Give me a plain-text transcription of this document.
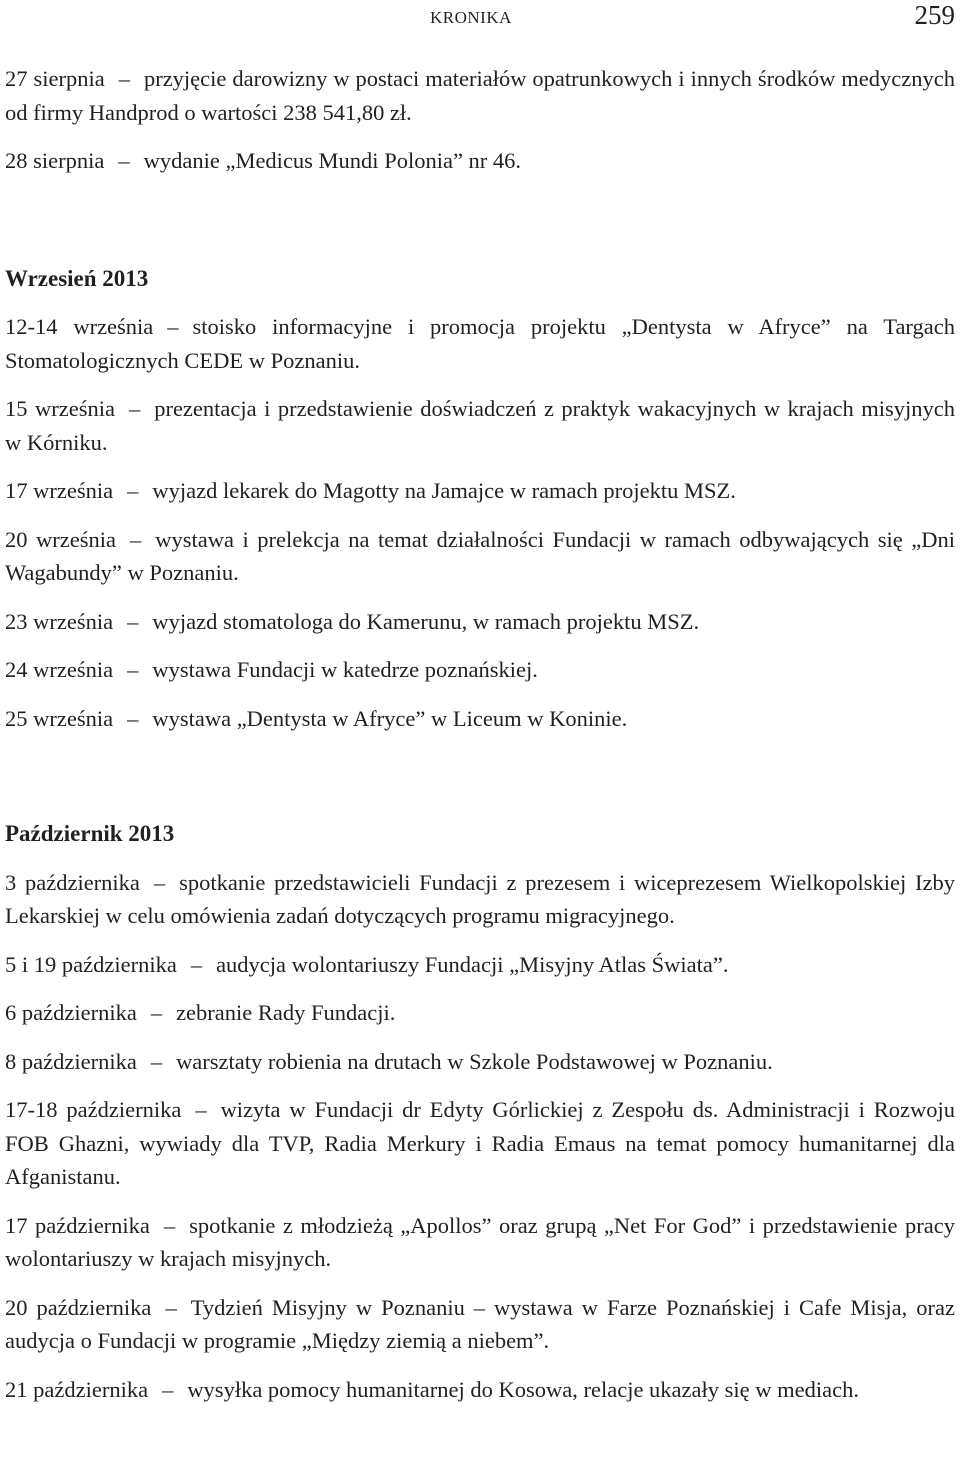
KRONIKA	259

27 sierpnia – przyjęcie darowizny w postaci materiałów opatrunkowych i innych środków medycznych od firmy Handprod o wartości 238 541,80 zł.

28 sierpnia – wydanie „Medicus Mundi Polonia” nr 46.

Wrzesień 2013

12-14 września – stoisko informacyjne i promocja projektu „Dentysta w Afryce” na Targach Stomatologicznych CEDE w Poznaniu.

15 września – prezentacja i przedstawienie doświadczeń z praktyk wakacyjnych w krajach misyjnych w Kórniku.

17 września – wyjazd lekarek do Magotty na Jamajce w ramach projektu MSZ.

20 września – wystawa i prelekcja na temat działalności Fundacji w ramach odbywających się „Dni Wagabundy” w Poznaniu.

23 września – wyjazd stomatologa do Kamerunu, w ramach projektu MSZ.

24 września – wystawa Fundacji w katedrze poznańskiej.

25 września – wystawa „Dentysta w Afryce” w Liceum w Koninie.

Październik 2013

3 października – spotkanie przedstawicieli Fundacji z prezesem i wiceprezesem Wielkopolskiej Izby Lekarskiej w celu omówienia zadań dotyczących programu migracyjnego.

5 i 19 października – audycja wolontariuszy Fundacji „Misyjny Atlas Świata”.

6 października – zebranie Rady Fundacji.

8 października – warsztaty robienia na drutach w Szkole Podstawowej w Poznaniu.

17-18 października – wizyta w Fundacji dr Edyty Górlickiej z Zespołu ds. Administracji i Rozwoju FOB Ghazni, wywiady dla TVP, Radia Merkury i Radia Emaus na temat pomocy humanitarnej dla Afganistanu.

17 października – spotkanie z młodzieżą „Apollos” oraz grupą „Net For God” i przedstawienie pracy wolontariuszy w krajach misyjnych.

20 października – Tydzień Misyjny w Poznaniu – wystawa w Farze Poznańskiej i Cafe Misja, oraz audycja o Fundacji w programie „Między ziemią a niebem”.

21 października – wysyłka pomocy humanitarnej do Kosowa, relacje ukazały się w mediach.
